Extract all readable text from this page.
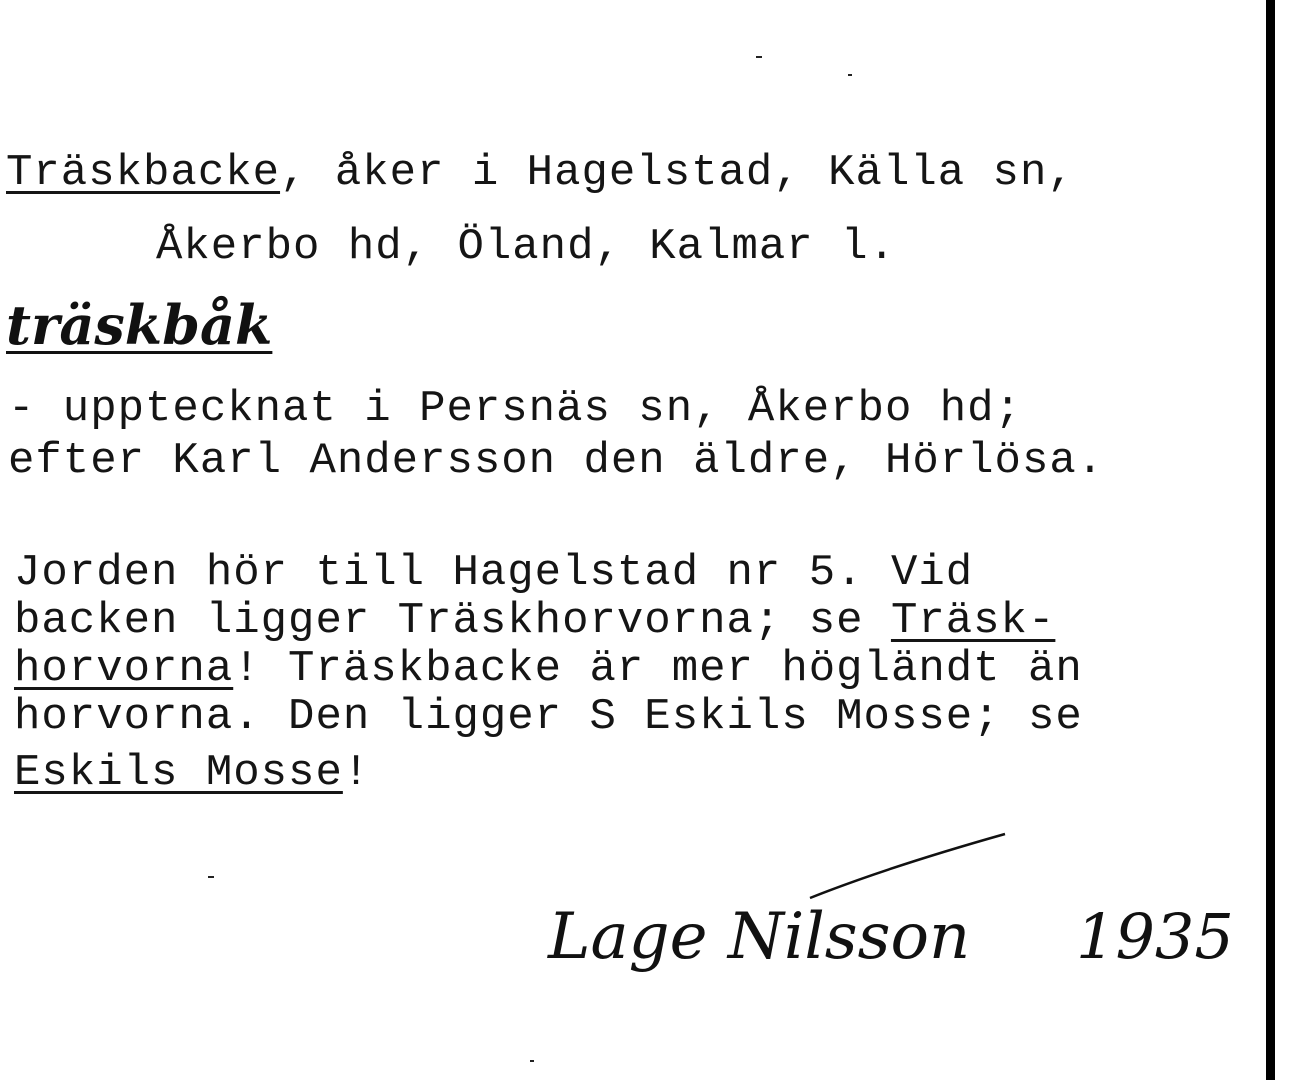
Träskbacke, åker i Hagelstad, Källa sn,
Åkerbo hd, Öland, Kalmar l.
träskbåk
- upptecknat i Persnäs sn, Åkerbo hd;
efter Karl Andersson den äldre, Hörlösa.
Jorden hör till Hagelstad nr 5. Vid
backen ligger Träskhorvorna; se Träsk-
horvorna! Träskbacke är mer högländt än
horvorna. Den ligger S Eskils Mosse; se
Eskils Mosse!
Lage Nilsson 1935
